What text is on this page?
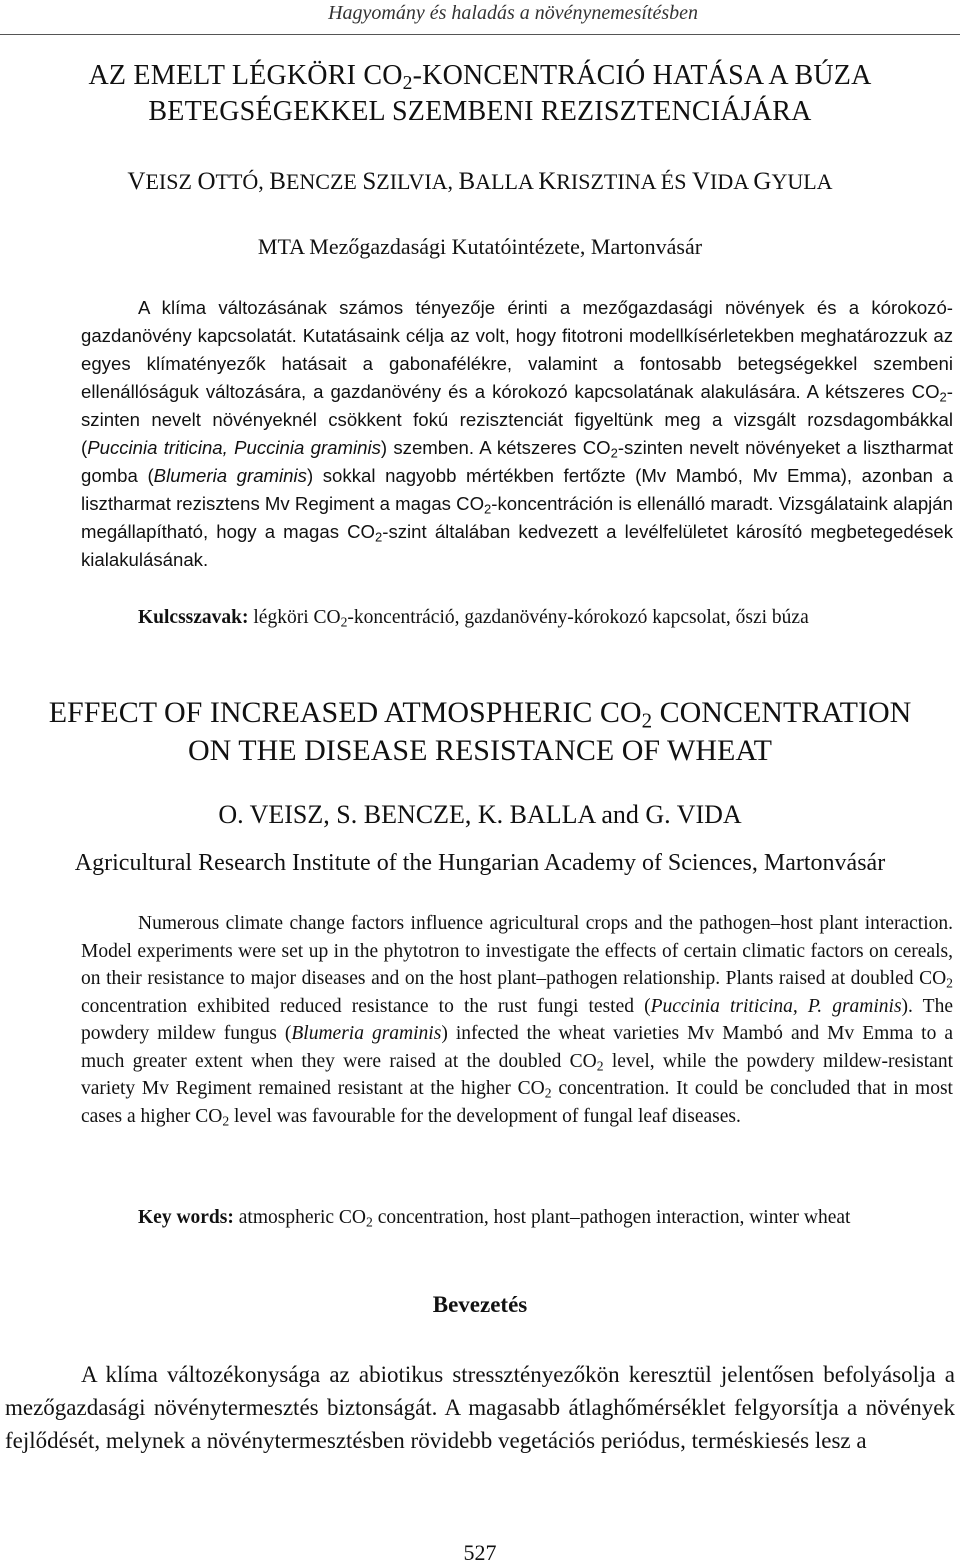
Hagyomány és haladás a növénynemesítésben
AZ EMELT LÉGKÖRI $CO_2$-KONCENTRÁCIÓ HATÁSA A BÚZA
BETEGSÉGEKKEL SZEMBENI REZISZTENCIÁJÁRA
VEISZ OTTÓ, BENCZE SZILVIA, BALLA KRISZTINA ÉS VIDA GYULA
MTA Mezőgazdasági Kutatóintézete, Martonvásár

A klíma változásának számos tényezője érinti a mezőgazdasági növények és a kórokozó-gazdanövény kapcsolatát. Kutatásaink célja az volt, hogy fitotroni modellkísérletekben meghatározzuk az egyes klímatényezők hatásait a gabonafélékre, valamint a fontosabb betegségekkel szembeni ellenállóságuk változására, a gazdanövény és a kórokozó kapcsolatának alakulására. A kétszeres $CO_2$-szinten nevelt növényeknél csökkent fokú rezisztenciát figyeltünk meg a vizsgált rozsdagombákkal (Puccinia triticina, Puccinia graminis) szemben. A kétszeres $CO_2$-szinten nevelt növényeket a lisztharmat gomba (Blumeria graminis) sokkal nagyobb mértékben fertőzte (Mv Mambó, Mv Emma), azonban a lisztharmat rezisztens Mv Regiment a magas $CO_2$-koncentráción is ellenálló maradt. Vizsgálataink alapján megállapítható, hogy a magas $CO_2$-szint általában kedvezett a levélfelületet károsító megbetegedések kialakulásának.

Kulcsszavak: légköri $CO_2$-koncentráció, gazdanövény-kórokozó kapcsolat, őszi búza

EFFECT OF INCREASED ATMOSPHERIC $CO_2$ CONCENTRATION
ON THE DISEASE RESISTANCE OF WHEAT
O. VEISZ, S. BENCZE, K. BALLA and G. VIDA
Agricultural Research Institute of the Hungarian Academy of Sciences, Martonvásár

Numerous climate change factors influence agricultural crops and the pathogen–host plant interaction. Model experiments were set up in the phytotron to investigate the effects of certain climatic factors on cereals, on their resistance to major diseases and on the host plant–pathogen relationship. Plants raised at doubled $CO_2$ concentration exhibited reduced resistance to the rust fungi tested (Puccinia triticina, P. graminis). The powdery mildew fungus (Blumeria graminis) infected the wheat varieties Mv Mambó and Mv Emma to a much greater extent when they were raised at the doubled $CO_2$ level, while the powdery mildew-resistant variety Mv Regiment remained resistant at the higher $CO_2$ concentration. It could be concluded that in most cases a higher $CO_2$ level was favourable for the development of fungal leaf diseases.

Key words: atmospheric $CO_2$ concentration, host plant–pathogen interaction, winter wheat

Bevezetés

A klíma változékonysága az abiotikus stressztényezőkön keresztül jelentősen befolyásolja a mezőgazdasági növénytermesztés biztonságát. A magasabb átlaghőmérséklet felgyorsítja a növények fejlődését, melynek a növénytermesztésben rövidebb vegetációs periódus, terméskiesés lesz a

527
